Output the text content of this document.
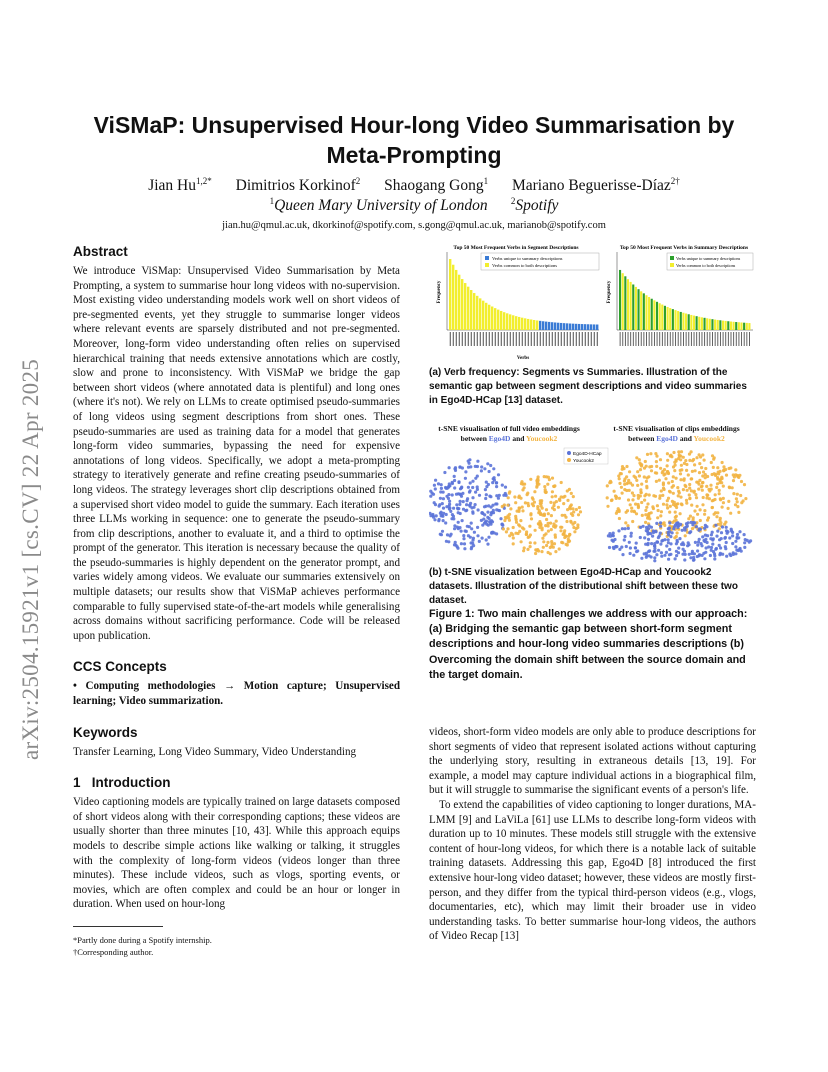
arXiv:2504.15921v1 [cs.CV] 22 Apr 2025
ViSMaP: Unsupervised Hour-long Video Summarisation by
Meta-Prompting
Jian $Hu^{1,2*}$ Dimitrios Korkinof$^2$ Shaogang Gong$^1$ Mariano Beguerisse-Díaz$^{2\dagger}$
$^1$Queen Mary University of London	$^2$Spotify
jian.hu@qmul.ac.uk, dkorkinof@spotify.com, s.gong@qmul.ac.uk, marianob@spotify.com
Abstract
We introduce ViSMap: Unsupervised Video Summarisation by Meta Prompting, a system to summarise hour long videos with no-supervision. Most existing video understanding models work well on short videos of pre-segmented events, yet they struggle to summarise longer videos where relevant events are sparsely distributed and not pre-segmented. Moreover, long-form video understanding often relies on supervised hierarchical training that needs extensive annotations which are costly, slow and prone to inconsistency. With ViSMaP we bridge the gap between short videos (where annotated data is plentiful) and long ones (where it's not). We rely on LLMs to create optimised pseudo-summaries of long videos using segment descriptions from short ones. These pseudo-summaries are used as training data for a model that generates long-form video summaries, bypassing the need for expensive annotations of long videos. Specifically, we adopt a meta-prompting strategy to iteratively generate and refine creating pseudo-summaries of long videos. The strategy leverages short clip descriptions obtained from a supervised short video model to guide the summary. Each iteration uses three LLMs working in sequence: one to generate the pseudo-summary from clip descriptions, another to evaluate it, and a third to optimise the prompt of the generator. This iteration is necessary because the quality of the pseudo-summaries is highly dependent on the generator prompt, and varies widely among videos. We evaluate our summaries extensively on multiple datasets; our results show that ViSMaP achieves performance comparable to fully supervised state-of-the-art models while generalising across domains without sacrificing performance. Code will be released upon publication.
CCS Concepts
• Computing methodologies → Motion capture; Unsupervised learning; Video summarization.
Keywords
Transfer Learning, Long Video Summary, Video Understanding
1   Introduction
Video captioning models are typically trained on large datasets composed of short videos along with their corresponding captions; these videos are usually shorter than three minutes [10, 43]. While this approach equips models to describe simple actions like walking or talking, it struggles with the complexity of long-form videos (videos longer than three minutes). These include videos, such as vlogs, sporting events, or movies, which are often complex and could be an hour or longer in duration. When used on hour-long
*Partly done during a Spotify internship.
†Corresponding author.
Top 50 Most Frequent Verbs in Segment Descriptions
Verbs unique to summary descriptions
Verbs common to both descriptions
Frequency
Verbs
Top 50 Most Frequent Verbs in Summary Descriptions
Verbs unique to summary descriptions
Verbs common to both descriptions
Frequency
(a) Verb frequency: Segments vs Summaries. Illustration of the semantic gap between segment descriptions and video summaries in Ego4D-HCap [13] dataset.
t-SNE visualisation of full video embeddings
between Ego4D and Youcook2
t-SNE visualisation of clips embeddings
between Ego4D and Youcook2
Ego4D-HCap
Youcook2
(b) t-SNE visualization between Ego4D-HCap and Youcook2 datasets. Illustration of the distributional shift between these two dataset.
Figure 1: Two main challenges we address with our approach: (a) Bridging the semantic gap between short-form segment descriptions and hour-long video summaries descriptions (b) Overcoming the domain shift between the source domain and the target domain.

videos, short-form video models are only able to produce descriptions for short segments of video that represent isolated actions without capturing the underlying story, resulting in extraneous details [13, 19]. For example, a model may capture individual actions in a biographical film, but it will struggle to summarise the significant events of a person's life.

To extend the capabilities of video captioning to longer durations, MA-LMM [9] and LaViLa [61] use LLMs to describe long-form videos with duration up to 10 minutes. These models still struggle with the extensive content of hour-long videos, for which there is a notable lack of suitable training datasets. Addressing this gap, Ego4D [8] introduced the first extensive hour-long video dataset; however, these videos are mostly first-person, and they differ from the typical third-person videos (e.g., vlogs, documentaries, etc), which may limit their broader use in video understanding tasks. To better summarise hour-long videos, the authors of Video Recap [13]
